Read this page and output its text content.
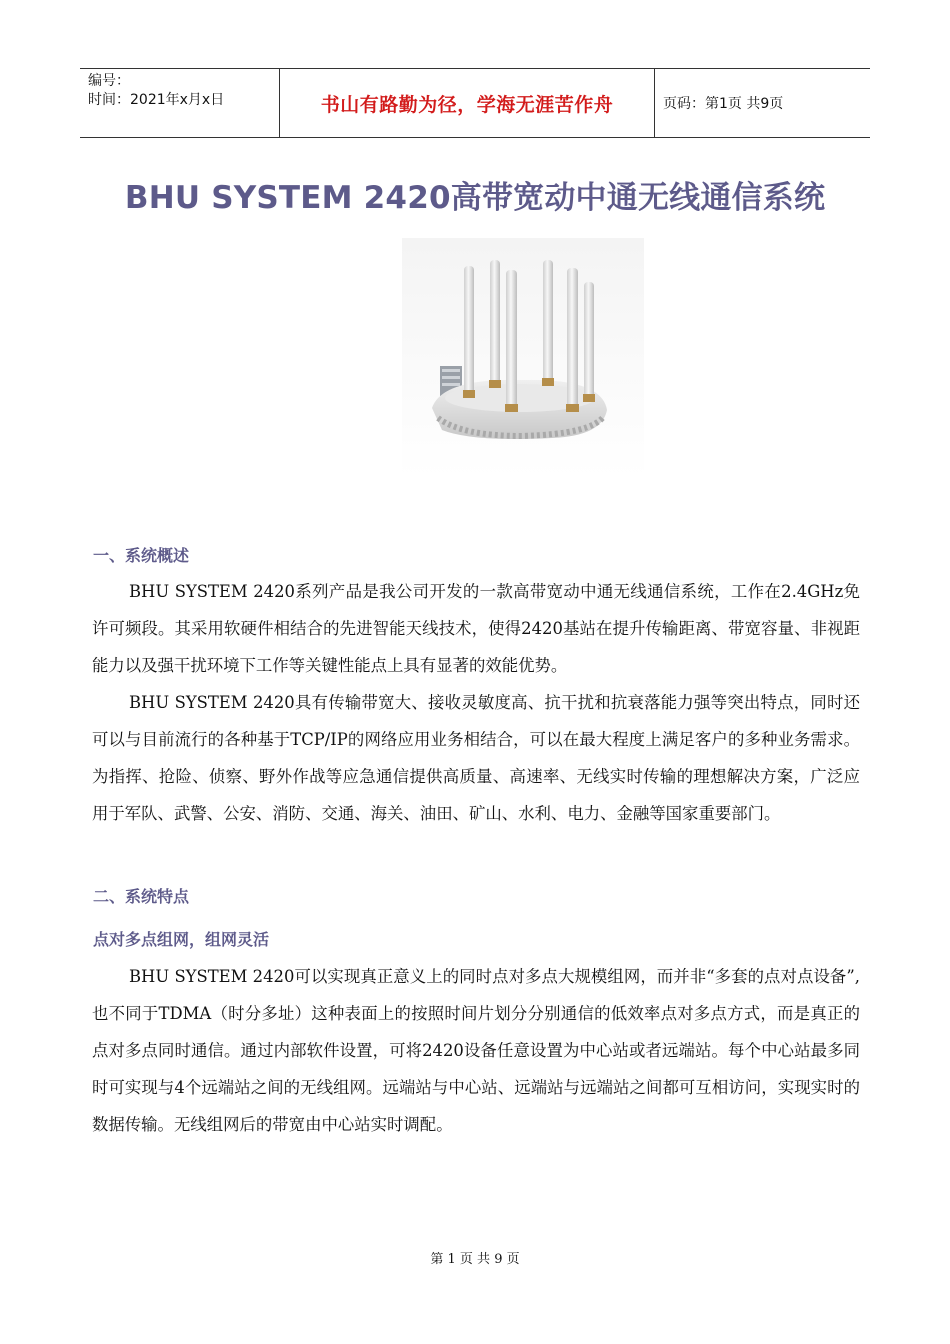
编号：
时间：2021年x月x日	书山有路勤为径，学海无涯苦作舟	页码：第1页 共9页
BHU SYSTEM 2420高带宽动中通无线通信系统
一、系统概述

BHU SYSTEM 2420系列产品是我公司开发的一款高带宽动中通无线通信系统，工作在2.4GHz免许可频段。其采用软硬件相结合的先进智能天线技术，使得2420基站在提升传输距离、带宽容量、非视距能力以及强干扰环境下工作等关键性能点上具有显著的效能优势。

BHU SYSTEM 2420具有传输带宽大、接收灵敏度高、抗干扰和抗衰落能力强等突出特点，同时还可以与目前流行的各种基于TCP/IP的网络应用业务相结合，可以在最大程度上满足客户的多种业务需求。为指挥、抢险、侦察、野外作战等应急通信提供高质量、高速率、无线实时传输的理想解决方案，广泛应用于军队、武警、公安、消防、交通、海关、油田、矿山、水利、电力、金融等国家重要部门。

二、系统特点
点对多点组网，组网灵活

BHU SYSTEM 2420可以实现真正意义上的同时点对多点大规模组网，而并非“多套的点对点设备”,也不同于TDMA（时分多址）这种表面上的按照时间片划分分别通信的低效率点对多点方式，而是真正的点对多点同时通信。通过内部软件设置，可将2420设备任意设置为中心站或者远端站。每个中心站最多同时可实现与4个远端站之间的无线组网。远端站与中心站、远端站与远端站之间都可互相访问，实现实时的数据传输。无线组网后的带宽由中心站实时调配。

第 1 页 共 9 页
